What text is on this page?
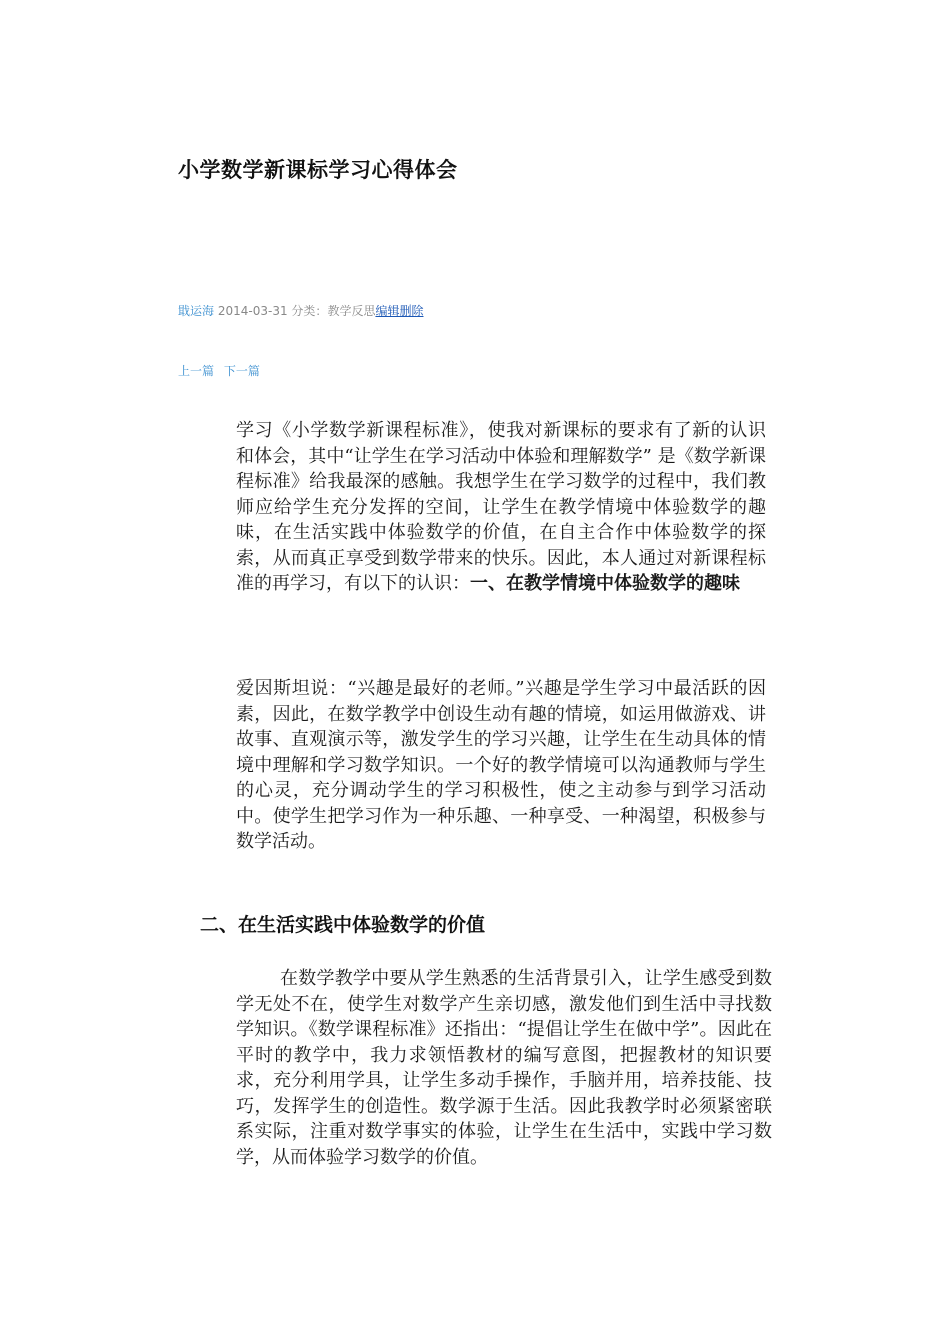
小学数学新课标学习心得体会
戢运海 2014-03-31 分类：教学反思编辑删除
上一篇 下一篇

学习《小学数学新课程标准》，使我对新课标的要求有了新的认识和体会，其中“让学生在学习活动中体验和理解数学” 是《数学新课程标准》给我最深的感触。我想学生在学习数学的过程中，我们教师应给学生充分发挥的空间，让学生在教学情境中体验数学的趣味，在生活实践中体验数学的价值，在自主合作中体验数学的探索，从而真正享受到数学带来的快乐。因此，本人通过对新课程标准的再学习，有以下的认识：一、在教学情境中体验数学的趣味

爱因斯坦说：“兴趣是最好的老师。”兴趣是学生学习中最活跃的因素，因此，在数学教学中创设生动有趣的情境，如运用做游戏、讲故事、直观演示等，激发学生的学习兴趣，让学生在生动具体的情境中理解和学习数学知识。一个好的教学情境可以沟通教师与学生的心灵，充分调动学生的学习积极性，使之主动参与到学习活动中。使学生把学习作为一种乐趣、一种享受、一种渴望，积极参与数学活动。

二、在生活实践中体验数学的价值

在数学教学中要从学生熟悉的生活背景引入，让学生感受到数学无处不在，使学生对数学产生亲切感，激发他们到生活中寻找数学知识。《数学课程标准》还指出：“提倡让学生在做中学”。因此在平时的教学中，我力求领悟教材的编写意图，把握教材的知识要求，充分利用学具，让学生多动手操作，手脑并用，培养技能、技巧，发挥学生的创造性。数学源于生活。因此我教学时必须紧密联系实际，注重对数学事实的体验，让学生在生活中，实践中学习数学，从而体验学习数学的价值。
